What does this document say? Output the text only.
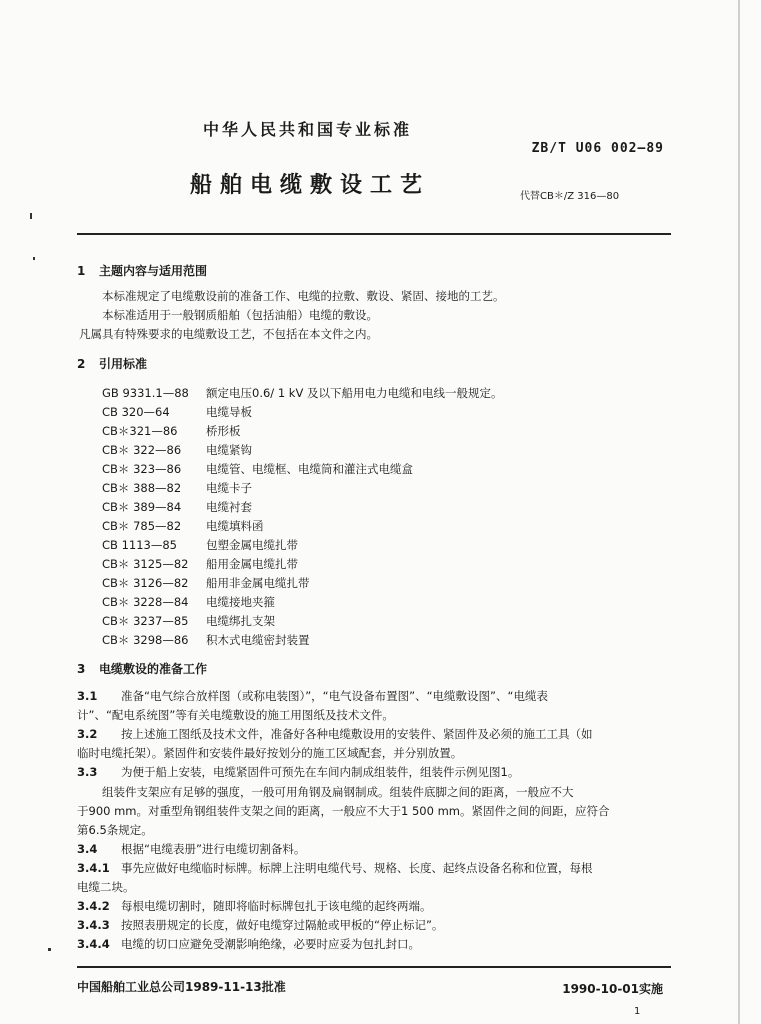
中华人民共和国专业标准
ZB/T U06 002—89
船舶电缆敷设工艺	代替CB＊/Z 316—80
1 主题内容与适用范围
本标准规定了电缆敷设前的准备工作、电缆的拉敷、敷设、紧固、接地的工艺。
本标准适用于一般钢质船舶（包括油船）电缆的敷设。
凡属具有特殊要求的电缆敷设工艺，不包括在本文件之内。
2 引用标准
GB 9331.1—88 额定电压0.6/ 1 kV 及以下船用电力电缆和电线一般规定。
CB 320—64	电缆导板
CB＊321—86 桥形板
CB＊ 322—86 电缆紧钩
CB＊ 323—86 电缆管、电缆框、电缆筒和灌注式电缆盒
CB＊ 388—82 电缆卡子
CB＊ 389—84 电缆衬套
CB＊ 785—82 电缆填料函
CB 1113—85	包塑金属电缆扎带
CB＊ 3125—82 船用金属电缆扎带
CB＊ 3126—82 船用非金属电缆扎带
CB＊ 3228—84 电缆接地夹箍
CB＊ 3237—85 电缆绑扎支架
CB＊ 3298—86 积木式电缆密封装置
3 电缆敷设的准备工作
3.1 准备“电气综合放样图（或称电装图）”，“电气设备布置图”、“电缆敷设图”、“电缆表
计”、“配电系统图”等有关电缆敷设的施工用图纸及技术文件。
3.2 按上述施工图纸及技术文件，准备好各种电缆敷设用的安装件、紧固件及必须的施工工具（如
临时电缆托架）。紧固件和安装件最好按划分的施工区域配套，并分别放置。
3.3 为便于船上安装，电缆紧固件可预先在车间内制成组装件，组装件示例见图1。
组装件支架应有足够的强度，一般可用角钢及扁钢制成。组装件底脚之间的距离，一般应不大
于900 mm。对重型角钢组装件支架之间的距离，一般应不大于1 500 mm。紧固件之间的间距，应符合
第6.5条规定。
3.4 根据“电缆表册”进行电缆切割备料。
3.4.1 事先应做好电缆临时标牌。标牌上注明电缆代号、规格、长度、起终点设备名称和位置，每根
电缆二块。
3.4.2 每根电缆切割时，随即将临时标牌包扎于该电缆的起终两端。
3.4.3 按照表册规定的长度，做好电缆穿过隔舱或甲板的“停止标记”。
3.4.4 电缆的切口应避免受潮影响绝缘，必要时应妥为包扎封口。
中国船舶工业总公司1989-11-13批准	1990-10-01实施
1
